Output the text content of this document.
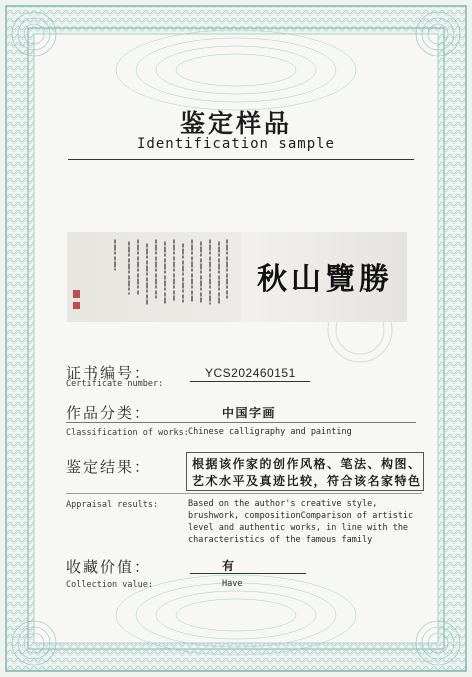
鉴定样品
Identification sample
秋山覽勝
证书编号：
Certificate number:
YCS202460151
作品分类：	中国字画
Classification of works: Chinese calligraphy and painting
鉴定结果：	根据该作家的创作风格、笔法、构图、
艺术水平及真迹比较，符合该名家特色
Appraisal results:	Based on the author's creative style,
brushwork, compositionComparison of artistic
level and authentic works, in line with the
characteristics of the famous family
收藏价值：	有
Collection value:	Have
